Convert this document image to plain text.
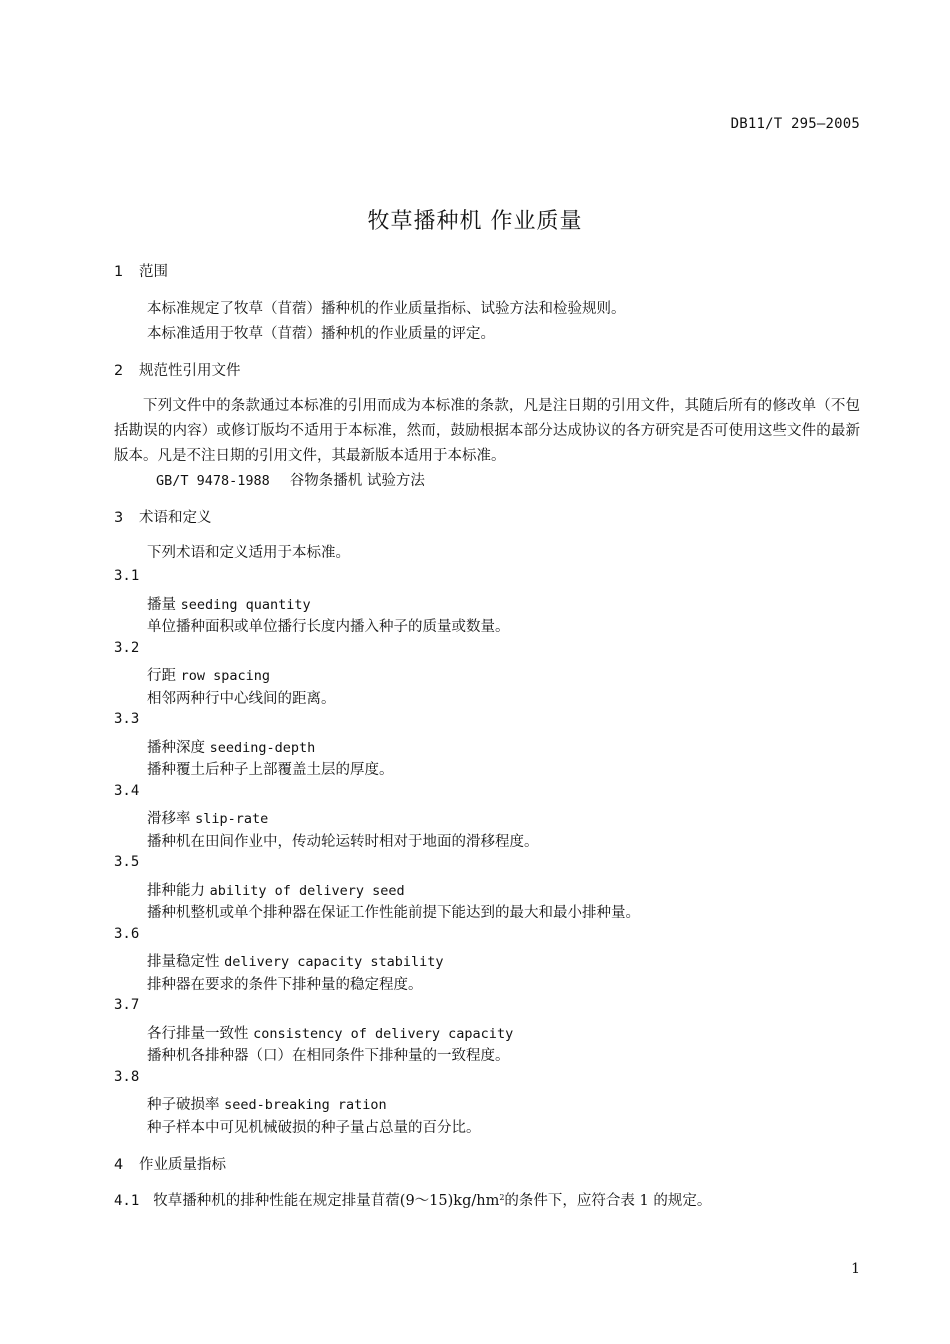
DB11/T 295—2005
牧草播种机 作业质量
1 范围
本标准规定了牧草（苜蓿）播种机的作业质量指标、试验方法和检验规则。
本标准适用于牧草（苜蓿）播种机的作业质量的评定。
2 规范性引用文件
下列文件中的条款通过本标准的引用而成为本标准的条款，凡是注日期的引用文件，其随后所有的修改单（不包括勘误的内容）或修订版均不适用于本标准，然而，鼓励根据本部分达成协议的各方研究是否可使用这些文件的最新版本。凡是不注日期的引用文件，其最新版本适用于本标准。
GB/T 9478-1988 谷物条播机 试验方法
3 术语和定义
下列术语和定义适用于本标准。
3.1
播量 seeding quantity
单位播种面积或单位播行长度内播入种子的质量或数量。
3.2
行距 row spacing
相邻两种行中心线间的距离。
3.3
播种深度 seeding-depth
播种覆土后种子上部覆盖土层的厚度。
3.4
滑移率 slip-rate
播种机在田间作业中，传动轮运转时相对于地面的滑移程度。
3.5
排种能力 ability of delivery seed
播种机整机或单个排种器在保证工作性能前提下能达到的最大和最小排种量。
3.6
排量稳定性 delivery capacity stability
排种器在要求的条件下排种量的稳定程度。
3.7
各行排量一致性 consistency of delivery capacity
播种机各排种器（口）在相同条件下排种量的一致程度。
3.8
种子破损率 seed-breaking ration
种子样本中可见机械破损的种子量占总量的百分比。
4 作业质量指标
4.1 牧草播种机的排种性能在规定排量苜蓿$(9\sim 15)kg/hm^2$的条件下，应符合表 1 的规定。
1
